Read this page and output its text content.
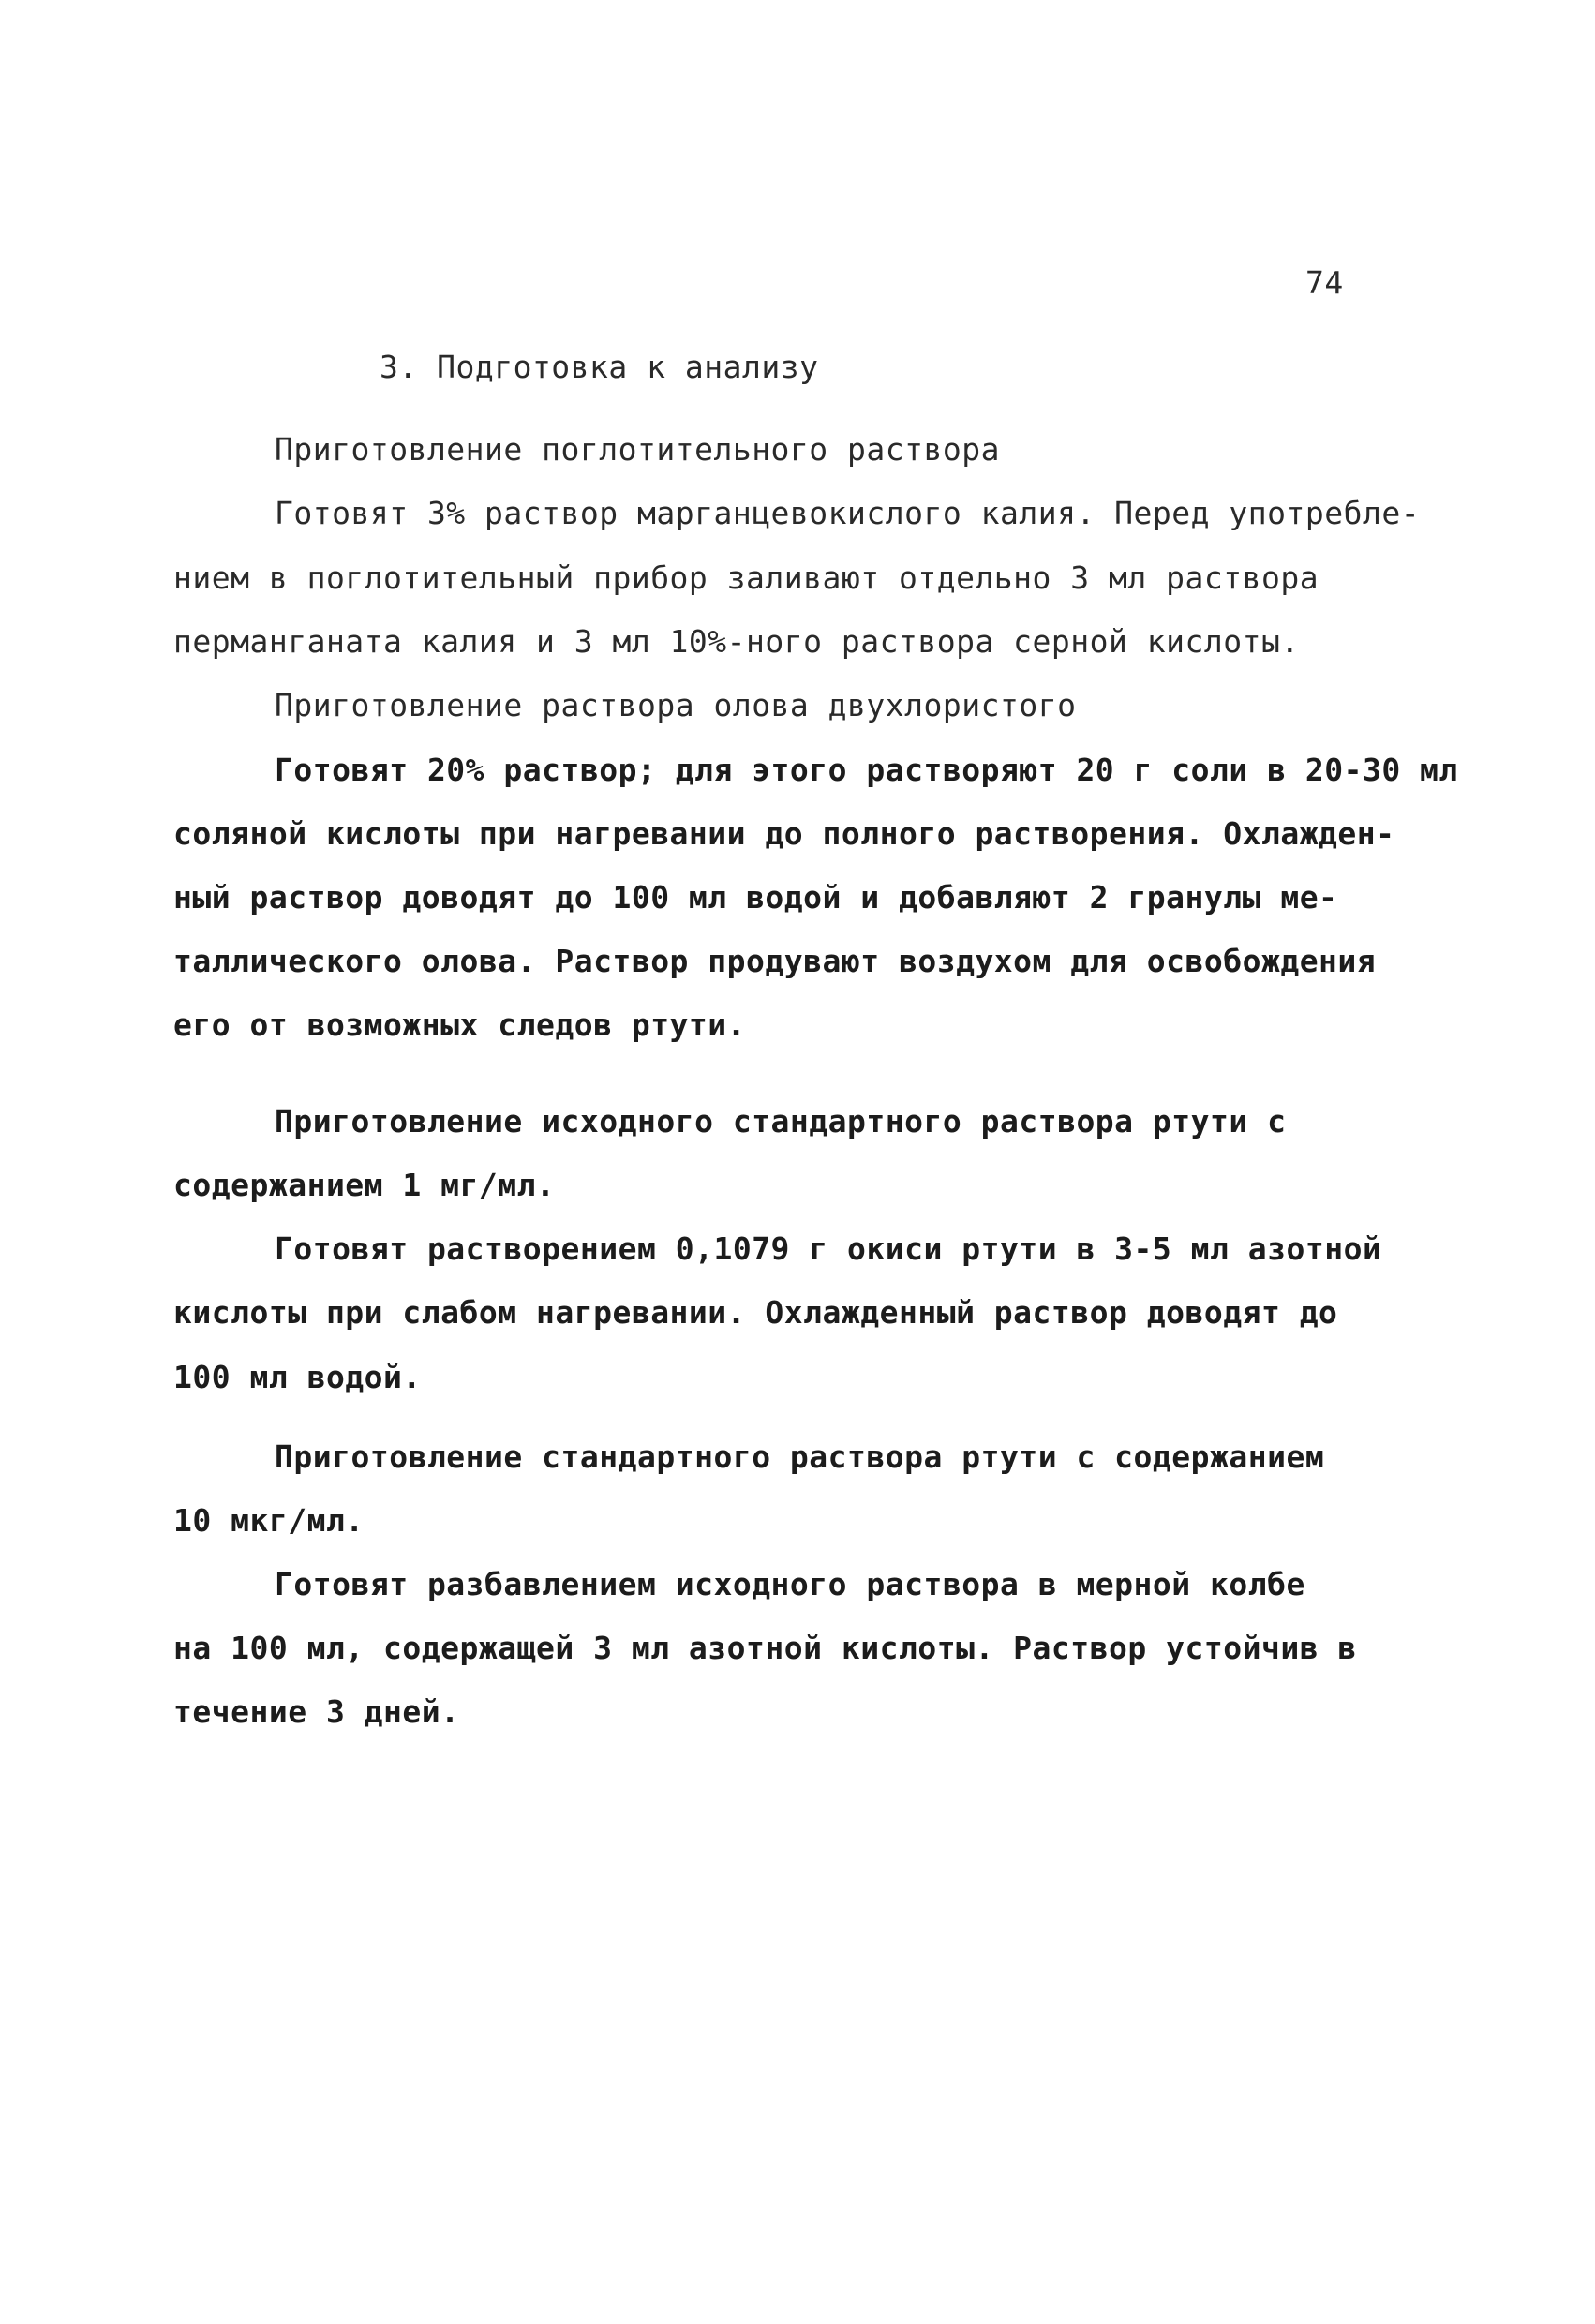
74
3. Подготовка к анализу
Приготовление поглотительного раствора
Готовят 3% раствор марганцевокислого калия. Перед употребле-
нием в поглотительный прибор заливают отдельно 3 мл раствора
перманганата калия и 3 мл 10%-ного раствора серной кислоты.
Приготовление раствора олова двухлористого
Готовят 20% раствор; для этого растворяют 20 г соли в 20-30 мл
соляной кислоты при нагревании до полного растворения. Охлажден-
ный раствор доводят до 100 мл водой и добавляют 2 гранулы ме-
таллического олова. Раствор продувают воздухом для освобождения
его от возможных следов ртути.
Приготовление исходного стандартного раствора ртути с
содержанием 1 мг/мл.
Готовят растворением 0,1079 г окиси ртути в 3-5 мл азотной
кислоты при слабом нагревании. Охлажденный раствор доводят до
100 мл водой.
Приготовление стандартного раствора ртути с содержанием
10 мкг/мл.
Готовят разбавлением исходного раствора в мерной колбе
на 100 мл, содержащей 3 мл азотной кислоты. Раствор устойчив в
течение 3 дней.
